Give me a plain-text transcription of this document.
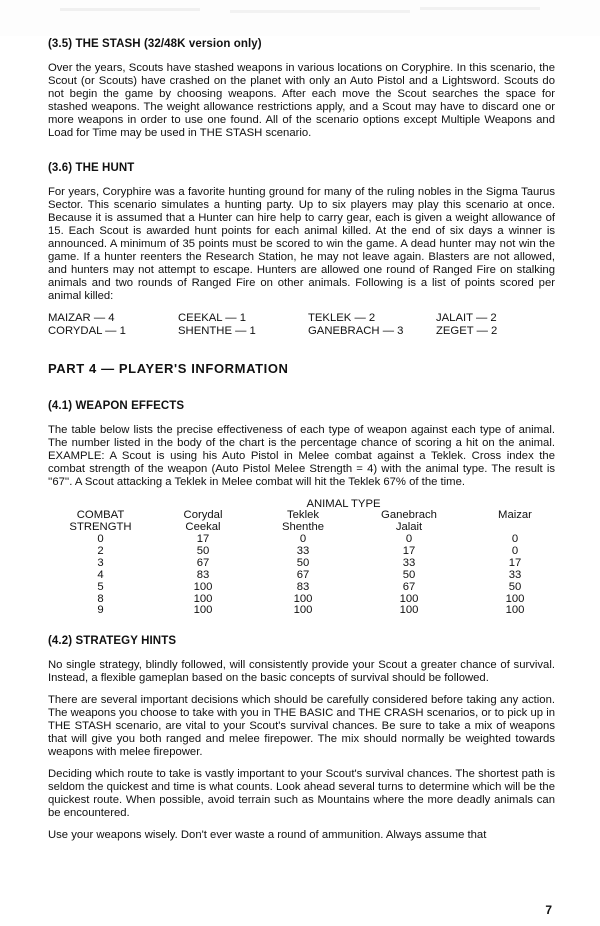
(3.5) THE STASH (32/48K version only)

Over the years, Scouts have stashed weapons in various locations on Coryphire. In this scenario, the Scout (or Scouts) have crashed on the planet with only an Auto Pistol and a Lightsword. Scouts do not begin the game by choosing weapons. After each move the Scout searches the space for stashed weapons. The weight allowance restrictions apply, and a Scout may have to discard one or more weapons in order to use one found. All of the scenario options except Multiple Weapons and Load for Time may be used in THE STASH scenario.

(3.6) THE HUNT

For years, Coryphire was a favorite hunting ground for many of the ruling nobles in the Sigma Taurus Sector. This scenario simulates a hunting party. Up to six players may play this scenario at once. Because it is assumed that a Hunter can hire help to carry gear, each is given a weight allowance of 15. Each Scout is awarded hunt points for each animal killed. At the end of six days a winner is announced. A minimum of 35 points must be scored to win the game. A dead hunter may not win the game. If a hunter reenters the Research Station, he may not leave again. Blasters are not allowed, and hunters may not attempt to escape. Hunters are allowed one round of Ranged Fire on stalking animals and two rounds of Ranged Fire on other animals. Following is a list of points scored per animal killed:

MAIZAR — 4	CEEKAL — 1	TEKLEK — 2	JALAIT — 2
CORYDAL — 1	SHENTHE — 1	GANEBRACH — 3	ZEGET — 2
PART 4 — PLAYER'S INFORMATION
(4.1) WEAPON EFFECTS

The table below lists the precise effectiveness of each type of weapon against each type of animal. The number listed in the body of the chart is the percentage chance of scoring a hit on the animal. EXAMPLE: A Scout is using his Auto Pistol in Melee combat against a Teklek. Cross index the combat strength of the weapon (Auto Pistol Melee Strength = 4) with the animal type. The result is ''67''. A Scout attacking a Teklek in Melee combat will hit the Teklek 67% of the time.

ANIMAL TYPE
COMBAT	Corydal	Teklek	Ganebrach	Maizar
STRENGTH	Ceekal	Shenthe	Jalait
0	17	0	0	0
2	50	33	17	0
3	67	50	33	17
4	83	67	50	33
5	100	83	67	50
8	100	100	100	100
9	100	100	100	100
(4.2) STRATEGY HINTS

No single strategy, blindly followed, will consistently provide your Scout a greater chance of survival. Instead, a flexible gameplan based on the basic concepts of survival should be followed.

There are several important decisions which should be carefully considered before taking any action. The weapons you choose to take with you in THE BASIC and THE CRASH scenarios, or to pick up in THE STASH scenario, are vital to your Scout's survival chances. Be sure to take a mix of weapons that will give you both ranged and melee firepower. The mix should normally be weighted towards weapons with melee firepower.

Deciding which route to take is vastly important to your Scout's survival chances. The shortest path is seldom the quickest and time is what counts. Look ahead several turns to determine which will be the quickest route. When possible, avoid terrain such as Mountains where the more deadly animals can be encountered.

Use your weapons wisely. Don't ever waste a round of ammunition. Always assume that

7
